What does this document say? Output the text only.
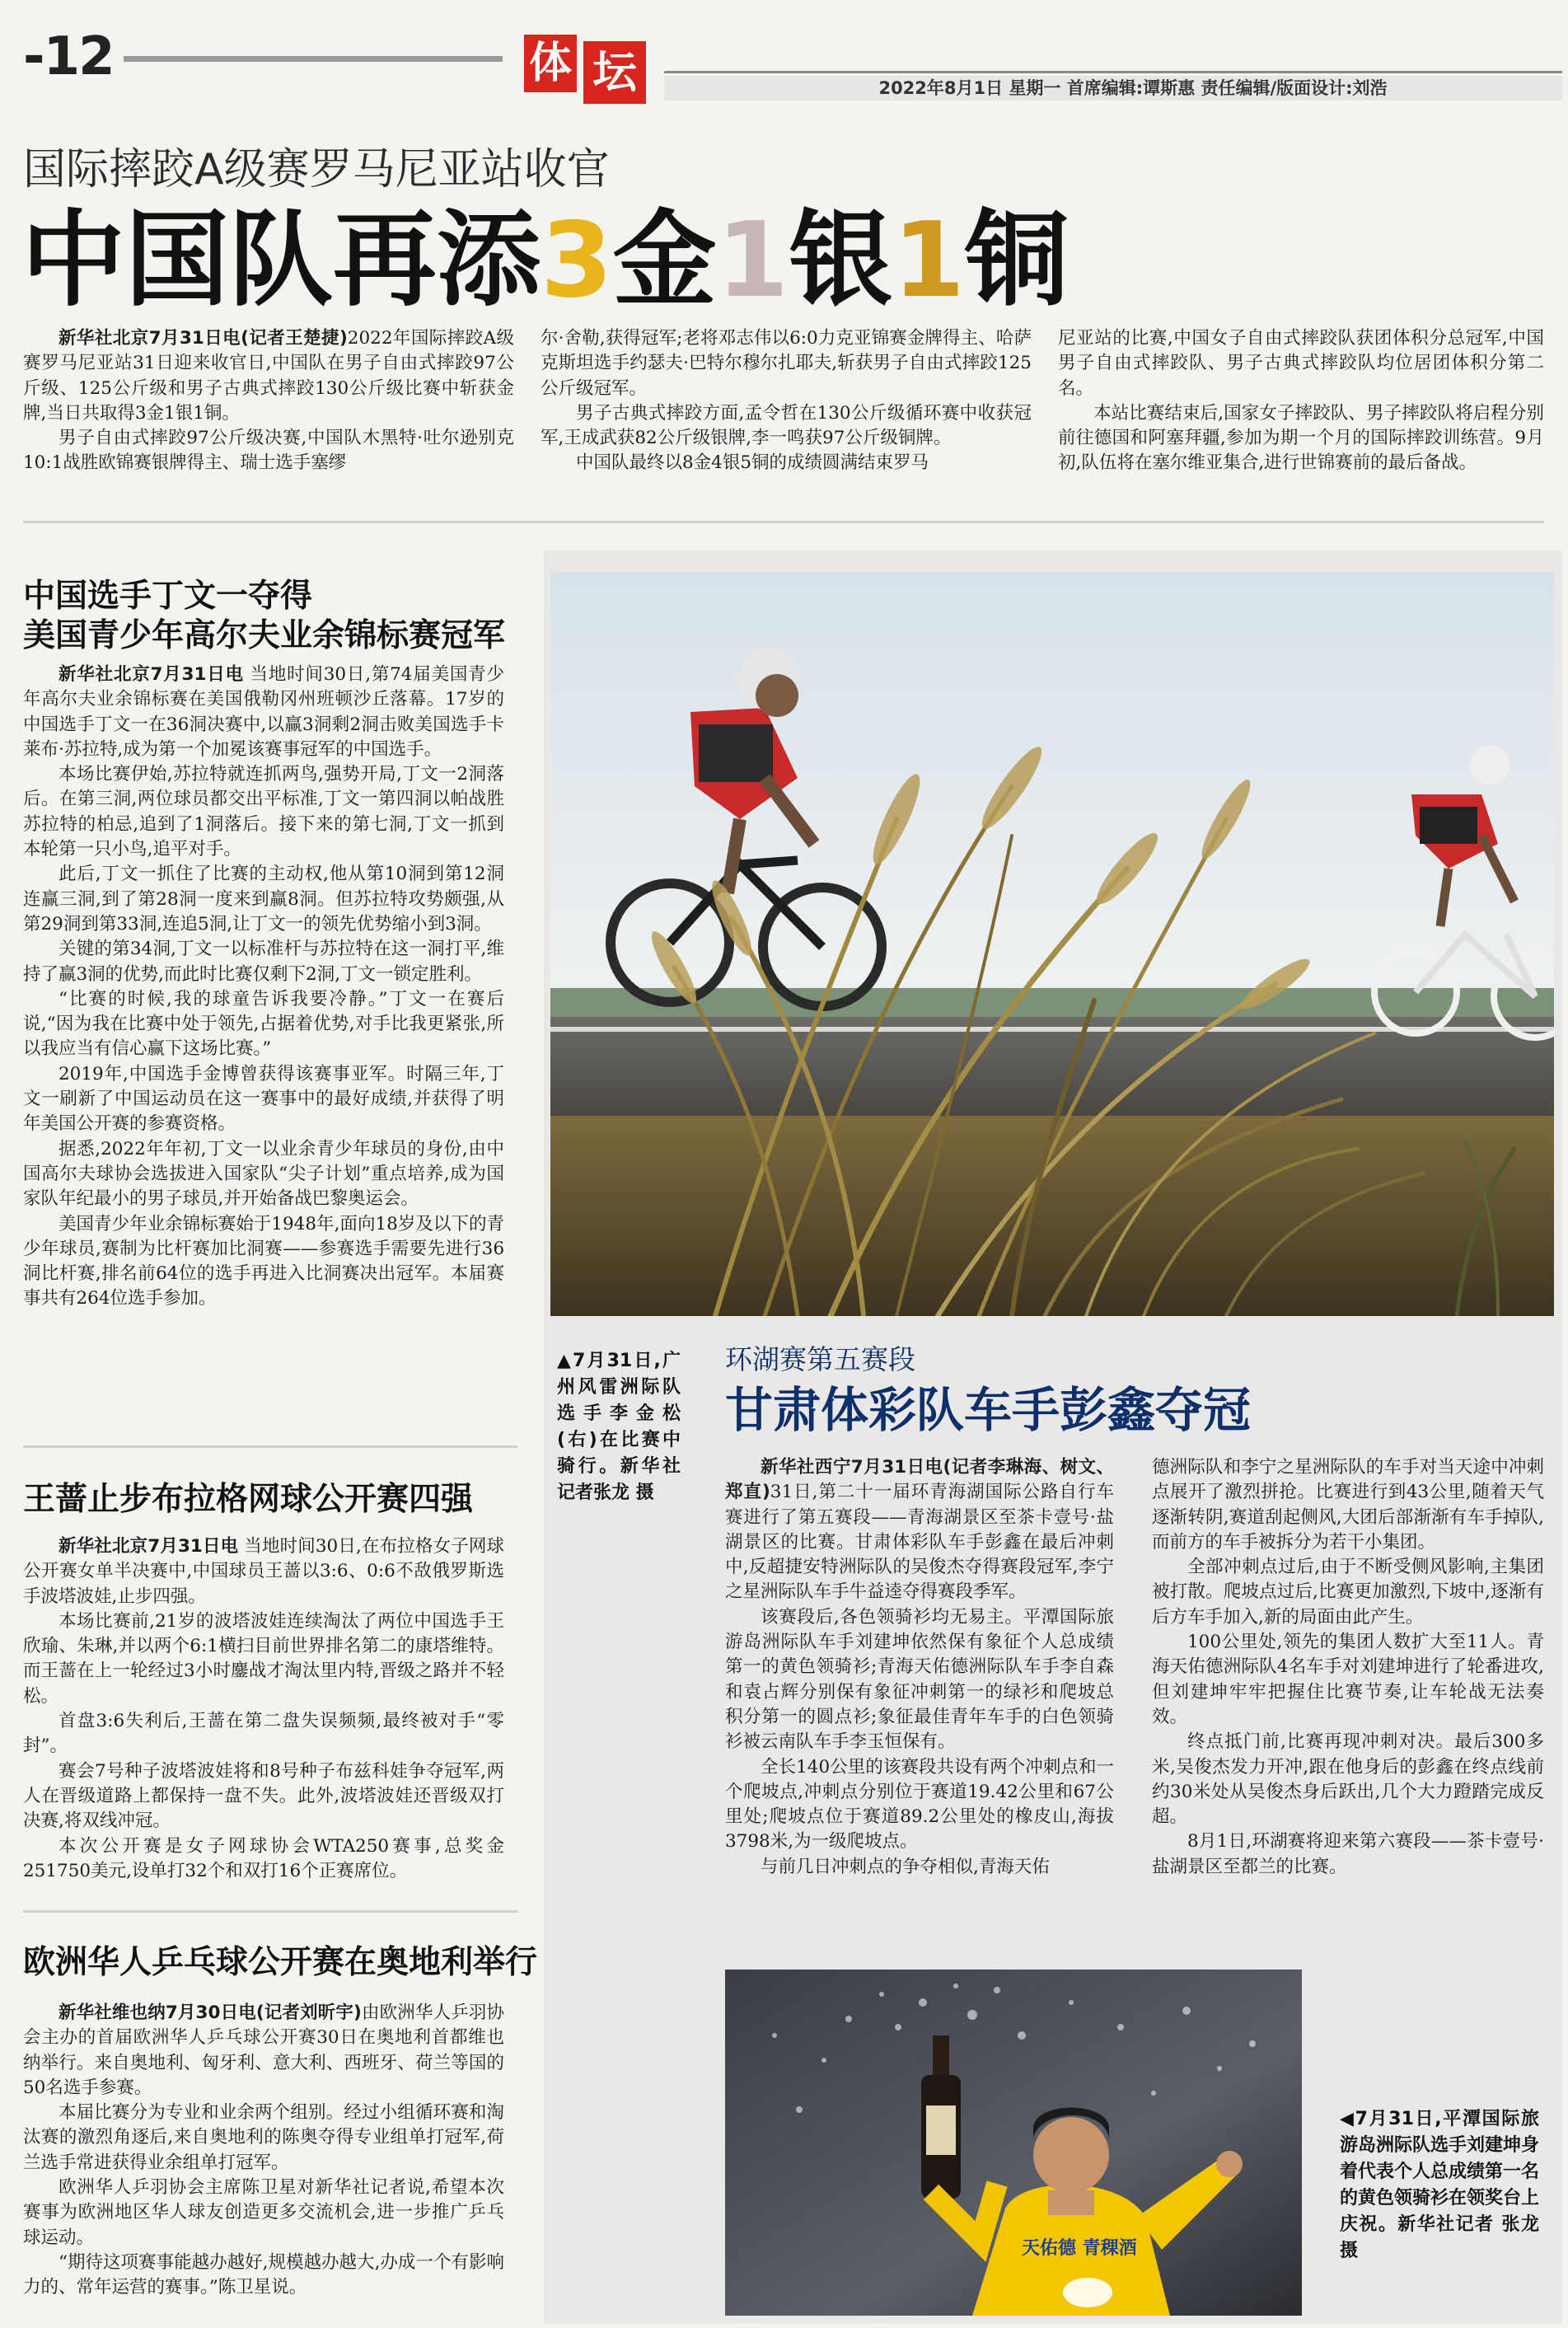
-12	体 坛	2022年8月1日 星期一 首席编辑:谭斯惠 责任编辑/版面设计:刘浩
国际摔跤A级赛罗马尼亚站收官
中国队再添3金1银1铜

新华社北京7月31日电(记者王楚捷)2022年国际摔跤A级赛罗马尼亚站31日迎来收官日,中国队在男子自由式摔跤97公斤级、125公斤级和男子古典式摔跤130公斤级比赛中斩获金牌,当日共取得3金1银1铜。

男子自由式摔跤97公斤级决赛,中国队木黑特·吐尔逊别克10:1战胜欧锦赛银牌得主、瑞士选手塞缪

尔·舍勒,获得冠军;老将邓志伟以6:0力克亚锦赛金牌得主、哈萨克斯坦选手约瑟夫·巴特尔穆尔扎耶夫,斩获男子自由式摔跤125公斤级冠军。

男子古典式摔跤方面,孟令哲在130公斤级循环赛中收获冠军,王成武获82公斤级银牌,李一鸣获97公斤级铜牌。

中国队最终以8金4银5铜的成绩圆满结束罗马

尼亚站的比赛,中国女子自由式摔跤队获团体积分总冠军,中国男子自由式摔跤队、男子古典式摔跤队均位居团体积分第二名。

本站比赛结束后,国家女子摔跤队、男子摔跤队将启程分别前往德国和阿塞拜疆,参加为期一个月的国际摔跤训练营。9月初,队伍将在塞尔维亚集合,进行世锦赛前的最后备战。

中国选手丁文一夺得
美国青少年高尔夫业余锦标赛冠军

新华社北京7月31日电 当地时间30日,第74届美国青少年高尔夫业余锦标赛在美国俄勒冈州班顿沙丘落幕。17岁的中国选手丁文一在36洞决赛中,以赢3洞剩2洞击败美国选手卡莱布·苏拉特,成为第一个加冕该赛事冠军的中国选手。

本场比赛伊始,苏拉特就连抓两鸟,强势开局,丁文一2洞落后。在第三洞,两位球员都交出平标准,丁文一第四洞以帕战胜苏拉特的柏忌,追到了1洞落后。接下来的第七洞,丁文一抓到本轮第一只小鸟,追平对手。

此后,丁文一抓住了比赛的主动权,他从第10洞到第12洞连赢三洞,到了第28洞一度来到赢8洞。但苏拉特攻势颇强,从第29洞到第33洞,连追5洞,让丁文一的领先优势缩小到3洞。

关键的第34洞,丁文一以标准杆与苏拉特在这一洞打平,维持了赢3洞的优势,而此时比赛仅剩下2洞,丁文一锁定胜利。

“比赛的时候,我的球童告诉我要冷静。”丁文一在赛后说,“因为我在比赛中处于领先,占据着优势,对手比我更紧张,所以我应当有信心赢下这场比赛。”

2019年,中国选手金博曾获得该赛事亚军。时隔三年,丁文一刷新了中国运动员在这一赛事中的最好成绩,并获得了明年美国公开赛的参赛资格。

据悉,2022年年初,丁文一以业余青少年球员的身份,由中国高尔夫球协会选拔进入国家队“尖子计划”重点培养,成为国家队年纪最小的男子球员,并开始备战巴黎奥运会。

美国青少年业余锦标赛始于1948年,面向18岁及以下的青少年球员,赛制为比杆赛加比洞赛——参赛选手需要先进行36洞比杆赛,排名前64位的选手再进入比洞赛决出冠军。本届赛事共有264位选手参加。

王蔷止步布拉格网球公开赛四强

新华社北京7月31日电 当地时间30日,在布拉格女子网球公开赛女单半决赛中,中国球员王蔷以3:6、0:6不敌俄罗斯选手波塔波娃,止步四强。

本场比赛前,21岁的波塔波娃连续淘汰了两位中国选手王欣瑜、朱琳,并以两个6:1横扫目前世界排名第二的康塔维特。而王蔷在上一轮经过3小时鏖战才淘汰里内特,晋级之路并不轻松。

首盘3:6失利后,王蔷在第二盘失误频频,最终被对手“零封”。

赛会7号种子波塔波娃将和8号种子布兹科娃争夺冠军,两人在晋级道路上都保持一盘不失。此外,波塔波娃还晋级双打决赛,将双线冲冠。

本次公开赛是女子网球协会WTA250赛事,总奖金251750美元,设单打32个和双打16个正赛席位。

欧洲华人乒乓球公开赛在奥地利举行

新华社维也纳7月30日电(记者刘昕宇)由欧洲华人乒羽协会主办的首届欧洲华人乒乓球公开赛30日在奥地利首都维也纳举行。来自奥地利、匈牙利、意大利、西班牙、荷兰等国的50名选手参赛。

本届比赛分为专业和业余两个组别。经过小组循环赛和淘汰赛的激烈角逐后,来自奥地利的陈奥夺得专业组单打冠军,荷兰选手常进获得业余组单打冠军。

欧洲华人乒羽协会主席陈卫星对新华社记者说,希望本次赛事为欧洲地区华人球友创造更多交流机会,进一步推广乒乓球运动。

“期待这项赛事能越办越好,规模越办越大,办成一个有影响力的、常年运营的赛事。”陈卫星说。

▲7月31日,广州风雷洲际队选手李金松(右)在比赛中骑行。新华社记者张龙 摄
环湖赛第五赛段
甘肃体彩队车手彭鑫夺冠

新华社西宁7月31日电(记者李琳海、树文、郑直)31日,第二十一届环青海湖国际公路自行车赛进行了第五赛段——青海湖景区至茶卡壹号·盐湖景区的比赛。甘肃体彩队车手彭鑫在最后冲刺中,反超捷安特洲际队的吴俊杰夺得赛段冠军,李宁之星洲际队车手牛益逵夺得赛段季军。

该赛段后,各色领骑衫均无易主。平潭国际旅游岛洲际队车手刘建坤依然保有象征个人总成绩第一的黄色领骑衫;青海天佑德洲际队车手李自森和袁占辉分别保有象征冲刺第一的绿衫和爬坡总积分第一的圆点衫;象征最佳青年车手的白色领骑衫被云南队车手李玉恒保有。

全长140公里的该赛段共设有两个冲刺点和一个爬坡点,冲刺点分别位于赛道19.42公里和67公里处;爬坡点位于赛道89.2公里处的橡皮山,海拔3798米,为一级爬坡点。

与前几日冲刺点的争夺相似,青海天佑

德洲际队和李宁之星洲际队的车手对当天途中冲刺点展开了激烈拼抢。比赛进行到43公里,随着天气逐渐转阴,赛道刮起侧风,大团后部渐渐有车手掉队,而前方的车手被拆分为若干小集团。

全部冲刺点过后,由于不断受侧风影响,主集团被打散。爬坡点过后,比赛更加激烈,下坡中,逐渐有后方车手加入,新的局面由此产生。

100公里处,领先的集团人数扩大至11人。青海天佑德洲际队4名车手对刘建坤进行了轮番进攻,但刘建坤牢牢把握住比赛节奏,让车轮战无法奏效。

终点抵门前,比赛再现冲刺对决。最后300多米,吴俊杰发力开冲,跟在他身后的彭鑫在终点线前约30米处从吴俊杰身后跃出,几个大力蹬踏完成反超。

8月1日,环湖赛将迎来第六赛段——茶卡壹号·盐湖景区至都兰的比赛。

天佑德 青稞酒
◀7月31日,平潭国际旅游岛洲际队选手刘建坤身着代表个人总成绩第一名的黄色领骑衫在领奖台上庆祝。新华社记者 张龙 摄
